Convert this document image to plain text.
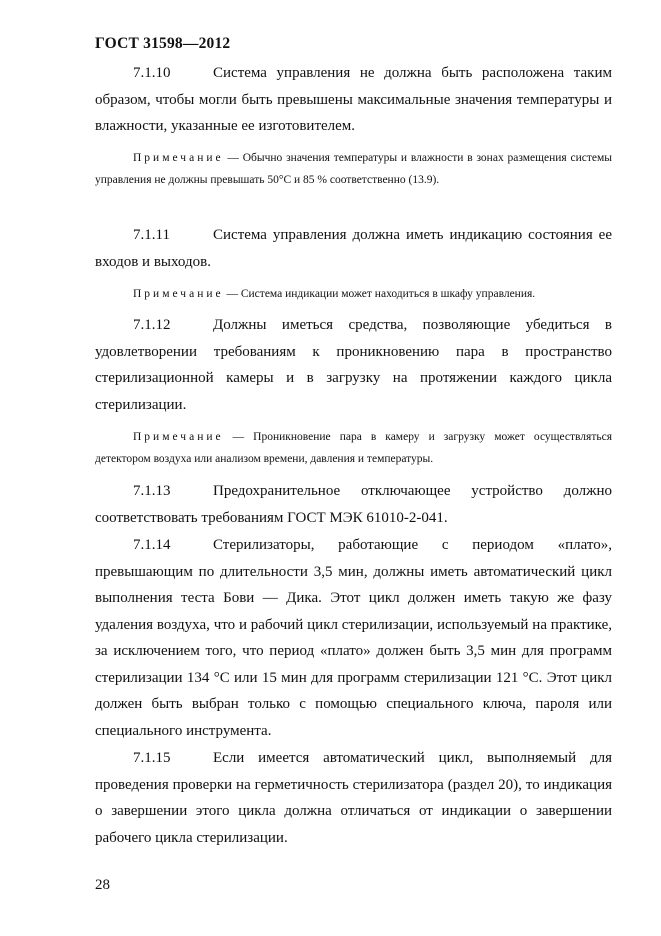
ГОСТ 31598—2012

7.1.10	Система управления не должна быть расположена таким образом, чтобы могли быть превышены максимальные значения температуры и влажности, указанные ее изготовителем.

Примечание — Обычно значения температуры и влажности в зонах размещения системы управления не должны превышать 50°С и 85 % соответственно (13.9).

7.1.11	Система управления должна иметь индикацию состояния ее входов и выходов.

Примечание — Система индикации может находиться в шкафу управления.

7.1.12	Должны иметься средства, позволяющие убедиться в удовлетворении требованиям к проникновению пара в пространство стерилизационной камеры и в загрузку на протяжении каждого цикла стерилизации.

Примечание — Проникновение пара в камеру и загрузку может осуществляться детектором воздуха или анализом времени, давления и температуры.

7.1.13	Предохранительное отключающее устройство должно соответствовать требованиям ГОСТ МЭК 61010-2-041.

7.1.14	Стерилизаторы, работающие с периодом «плато», превышающим по длительности 3,5 мин, должны иметь автоматический цикл выполнения теста Бови — Дика. Этот цикл должен иметь такую же фазу удаления воздуха, что и рабочий цикл стерилизации, используемый на практике, за исключением того, что период «плато» должен быть 3,5 мин для программ стерилизации 134 °С или 15 мин для программ стерилизации 121 °С. Этот цикл должен быть выбран только с помощью специального ключа, пароля или специального инструмента.

7.1.15	Если имеется автоматический цикл, выполняемый для проведения проверки на герметичность стерилизатора (раздел 20), то индикация о завершении этого цикла должна отличаться от индикации о завершении рабочего цикла стерилизации.

28
